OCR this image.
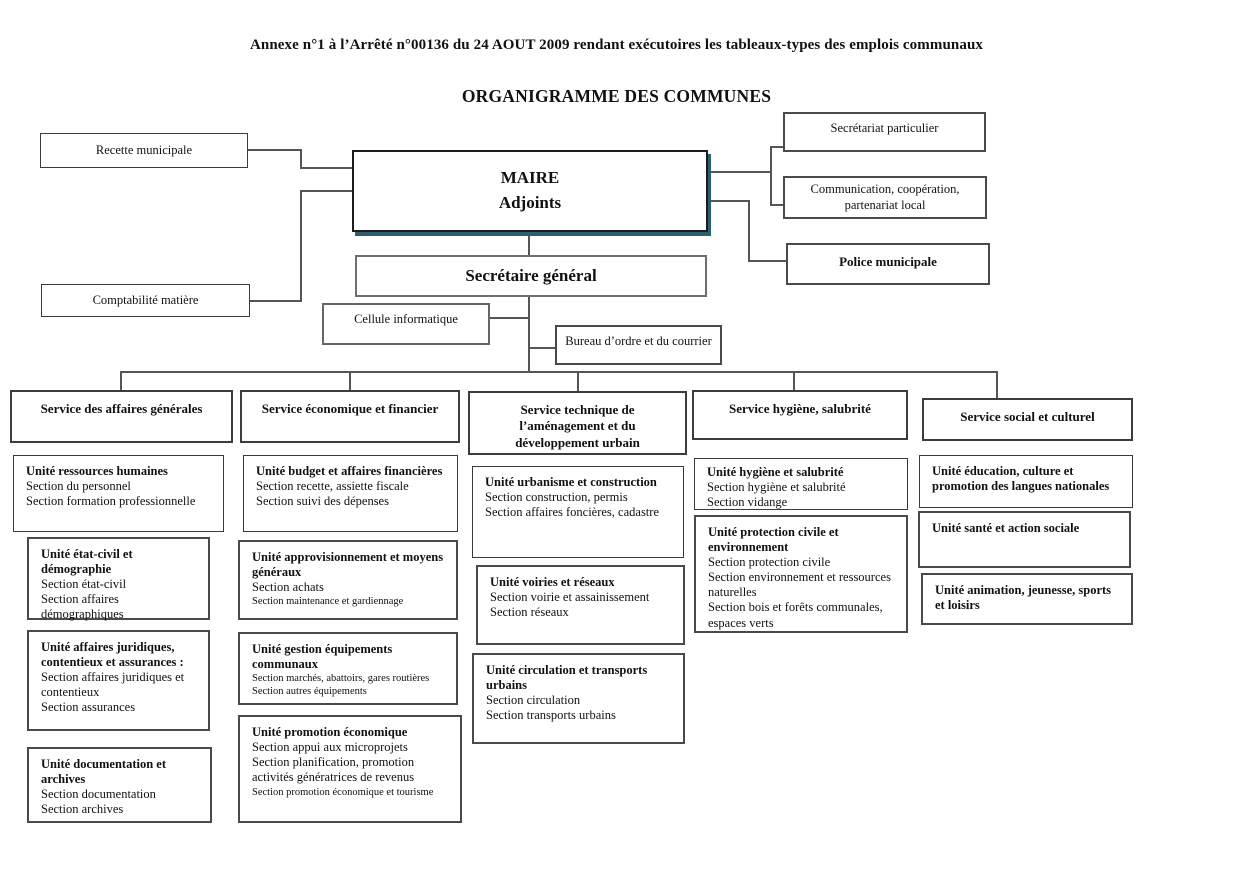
Annexe n°1 à l’Arrêté n°00136 du 24 AOUT 2009 rendant exécutoires les tableaux-types des emplois communaux
ORGANIGRAMME DES COMMUNES
Recette municipale
Comptabilité matière
MAIRE
Adjoints
Secrétariat particulier
Communication, coopération, partenariat local
Police municipale
Secrétaire général
Cellule informatique
Bureau d’ordre et du courrier
Service des affaires générales	Service économique et financier	Service technique de l’aménagement et du développement urbain
Service hygiène, salubrité
Service social et culturel
Unité ressources humaines
Section du personnel
Section formation professionnelle
Unité état-civil et démographie
Section état-civil
Section affaires démographiques
Unité affaires juridiques, contentieux et assurances :
Section affaires juridiques et contentieux
Section assurances
Unité documentation et archives
Section documentation
Section archives
Unité budget et affaires financières
Section recette, assiette fiscale
Section suivi des dépenses
Unité approvisionnement et moyens généraux
Section achats
Section maintenance et gardiennage
Unité gestion équipements communaux
Section marchés, abattoirs, gares routières
Section autres équipements
Unité promotion économique
Section appui aux microprojets
Section planification, promotion activités génératrices de revenus
Section promotion économique et tourisme
Unité urbanisme et construction
Section construction, permis
Section affaires foncières, cadastre
Unité voiries et réseaux
Section voirie et assainissement
Section réseaux
Unité circulation et transports urbains
Section circulation
Section transports urbains
Unité hygiène et salubrité
Section hygiène et salubrité
Section vidange
Unité protection civile et environnement
Section protection civile
Section environnement et ressources naturelles
Section bois et forêts communales, espaces verts
Unité éducation, culture et promotion des langues nationales
Unité santé et action sociale
Unité animation, jeunesse, sports et loisirs
